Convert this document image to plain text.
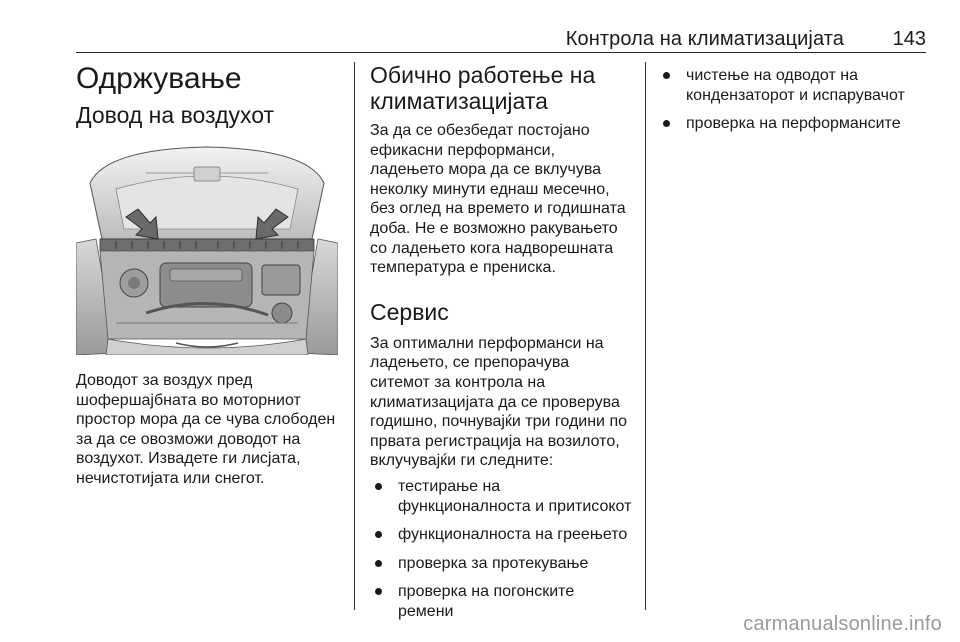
Контрола на климатизацијата 143
Одржување
Довод на воздухот

Доводот за воздух пред шофершајбната во моторниот простор мора да се чува слободен за да се овозможи доводот на воздухот. Извадете ги лисјата, нечистотијата или снегот.

Обично работење на климатизацијата

За да се обезбедат постојано ефикасни перформанси, ладењето мора да се вклучува неколку минути еднаш месечно, без оглед на времето и годишната доба. Не е возможно ракувањето со ладењето кога надворешната температура е прениска.

Сервис

За оптимални перформанси на ладењето, се препорачува ситемот за контрола на климатизацијата да се проверува годишно, почнувајќи три години по првата регистрација на возилото, вклучувајќи ги следните:

тестирање на функционалноста и притисокот
функционалноста на греењето
проверка за протекување
проверка на погонските ремени
чистење на одводот на кондензаторот и испарувачот
проверка на перформансите
carmanualsonline.info
